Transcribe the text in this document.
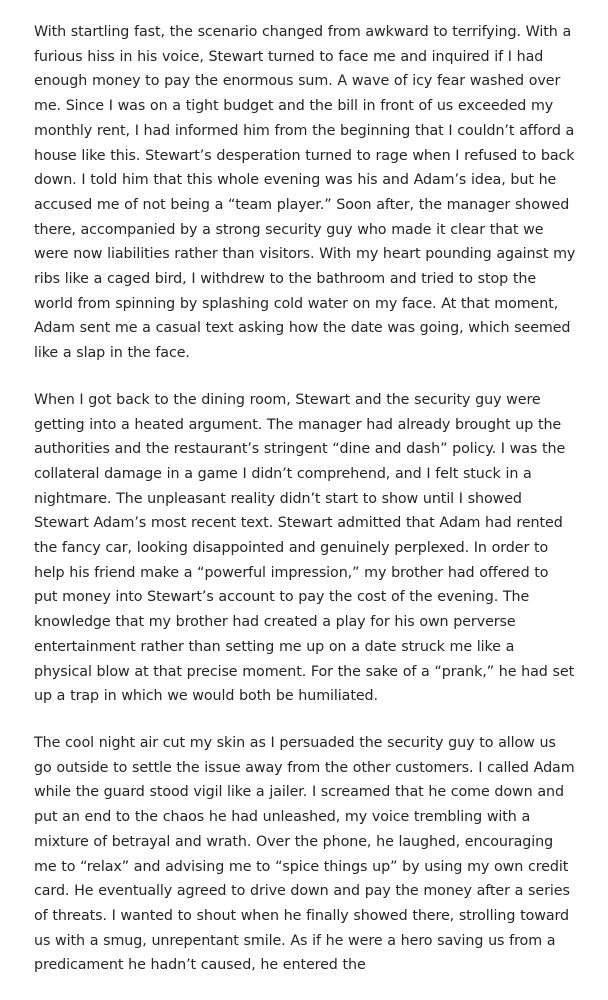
With startling fast, the scenario changed from awkward to terrifying. With a furious hiss in his voice, Stewart turned to face me and inquired if I had enough money to pay the enormous sum. A wave of icy fear washed over me. Since I was on a tight budget and the bill in front of us exceeded my monthly rent, I had informed him from the beginning that I couldn’t afford a house like this. Stewart’s desperation turned to rage when I refused to back down. I told him that this whole evening was his and Adam’s idea, but he accused me of not being a “team player.” Soon after, the manager showed there, accompanied by a strong security guy who made it clear that we were now liabilities rather than visitors. With my heart pounding against my ribs like a caged bird, I withdrew to the bathroom and tried to stop the world from spinning by splashing cold water on my face. At that moment, Adam sent me a casual text asking how the date was going, which seemed like a slap in the face.

When I got back to the dining room, Stewart and the security guy were getting into a heated argument. The manager had already brought up the authorities and the restaurant’s stringent “dine and dash” policy. I was the collateral damage in a game I didn’t comprehend, and I felt stuck in a nightmare. The unpleasant reality didn’t start to show until I showed Stewart Adam’s most recent text. Stewart admitted that Adam had rented the fancy car, looking disappointed and genuinely perplexed. In order to help his friend make a “powerful impression,” my brother had offered to put money into Stewart’s account to pay the cost of the evening. The knowledge that my brother had created a play for his own perverse entertainment rather than setting me up on a date struck me like a physical blow at that precise moment. For the sake of a “prank,” he had set up a trap in which we would both be humiliated.

The cool night air cut my skin as I persuaded the security guy to allow us go outside to settle the issue away from the other customers. I called Adam while the guard stood vigil like a jailer. I screamed that he come down and put an end to the chaos he had unleashed, my voice trembling with a mixture of betrayal and wrath. Over the phone, he laughed, encouraging me to “relax” and advising me to “spice things up” by using my own credit card. He eventually agreed to drive down and pay the money after a series of threats. I wanted to shout when he finally showed there, strolling toward us with a smug, unrepentant smile. As if he were a hero saving us from a predicament he hadn’t caused, he entered the
